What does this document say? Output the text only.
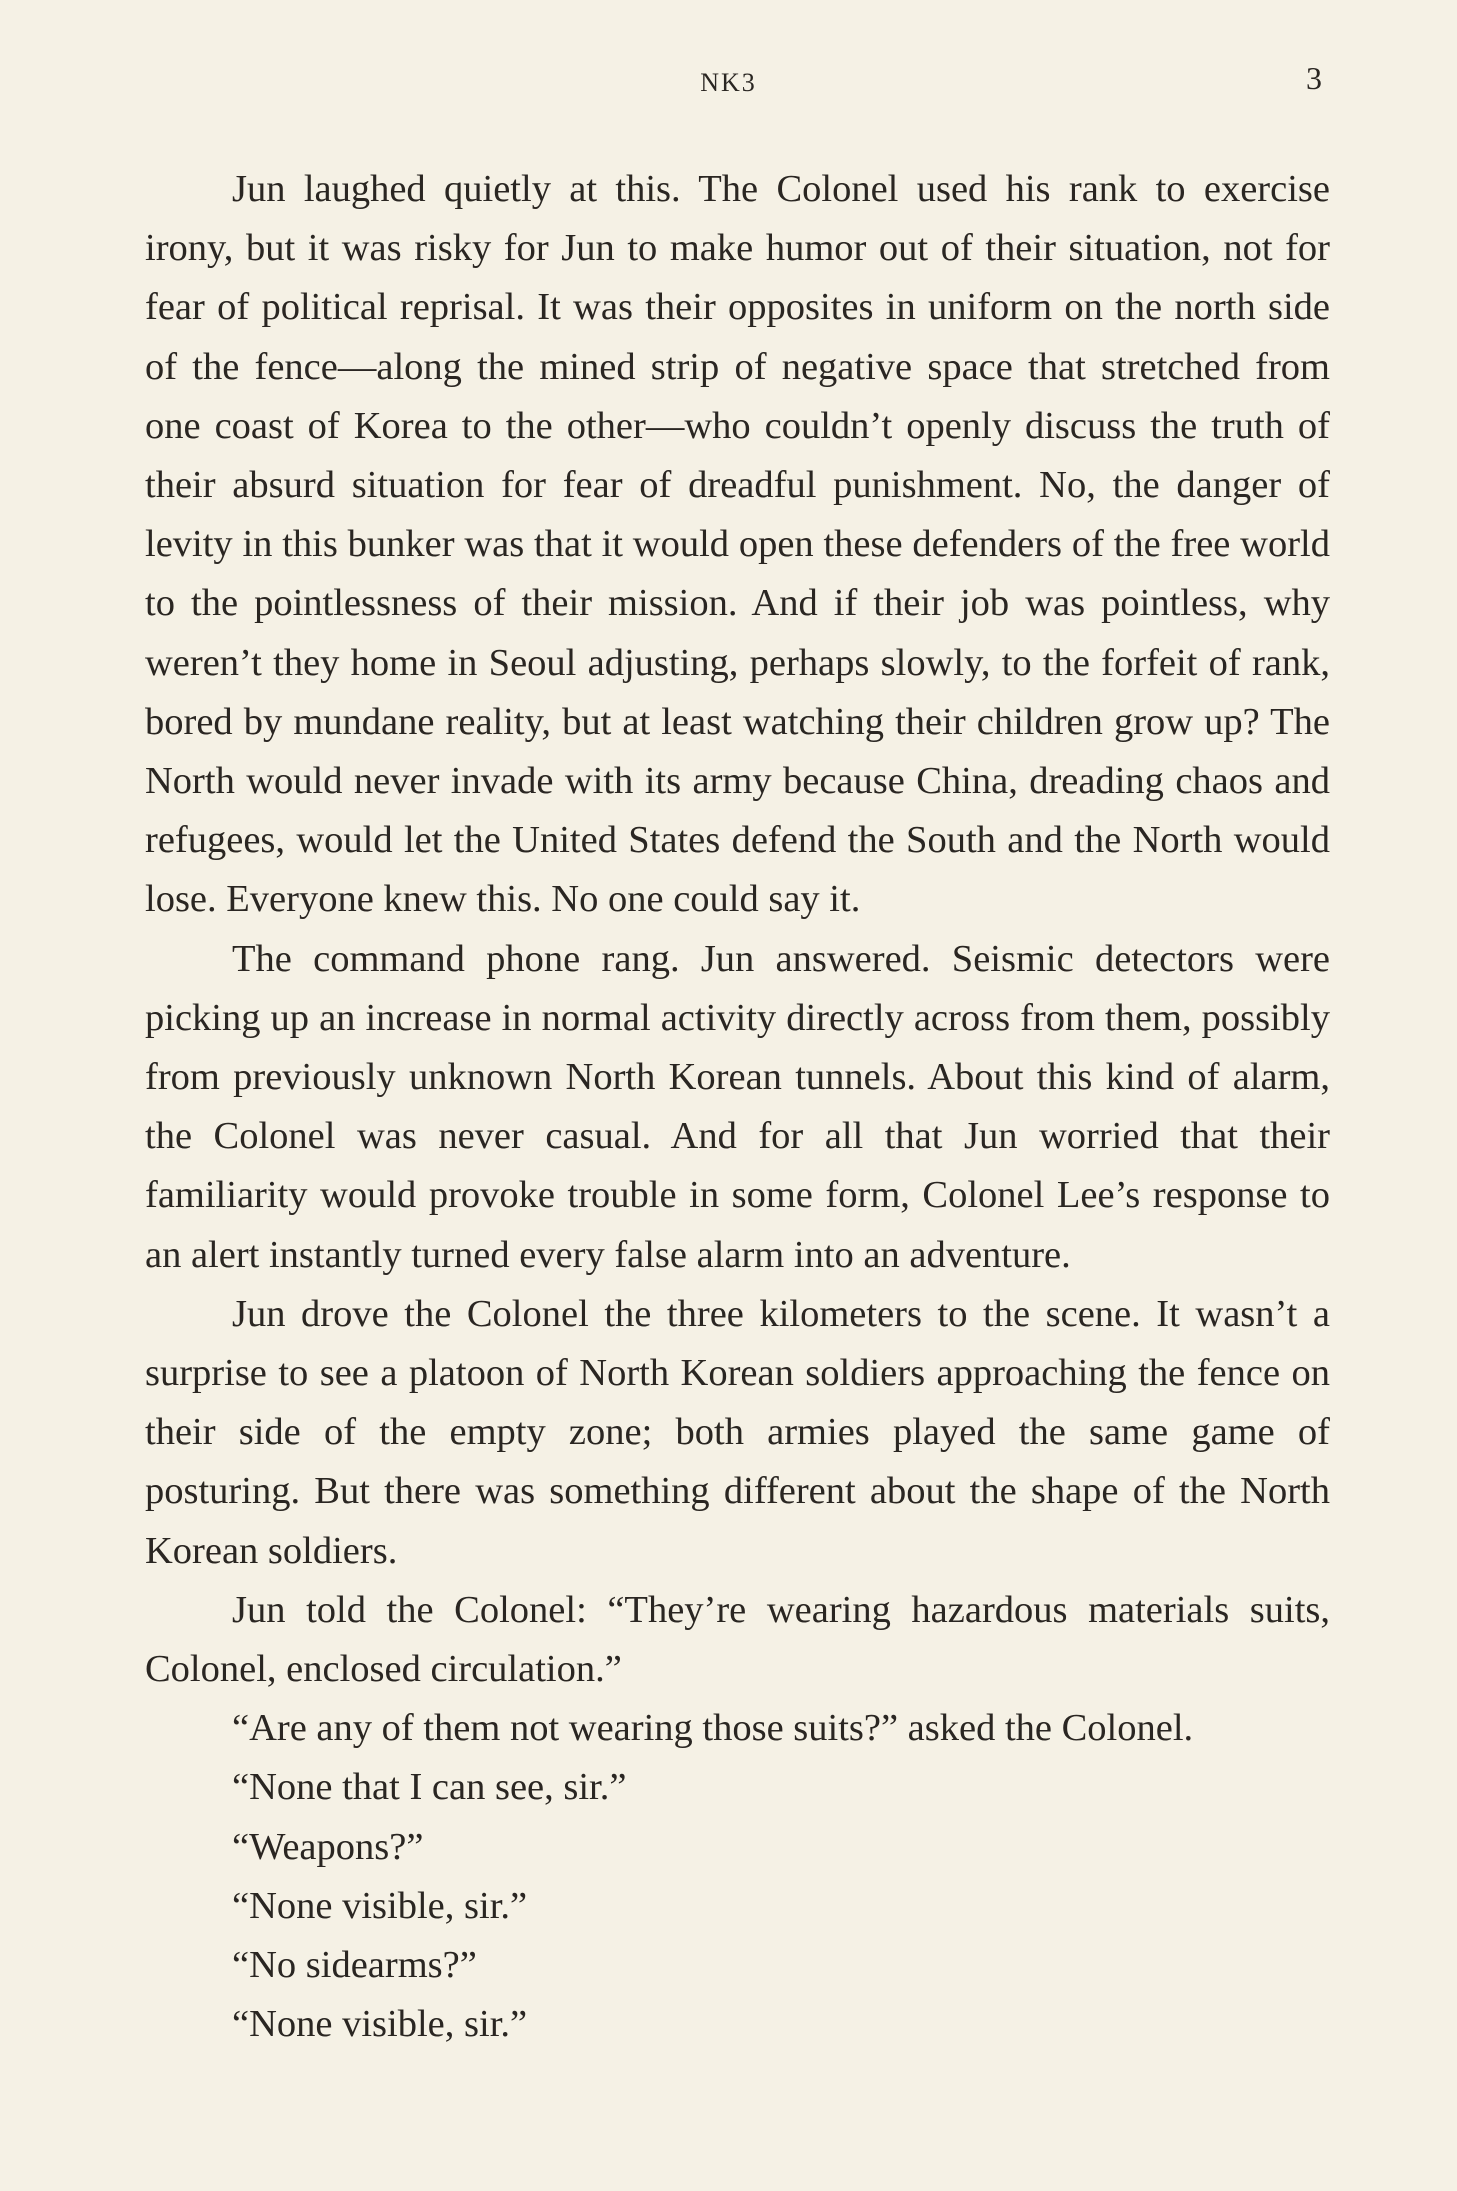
NK3	3

Jun laughed quietly at this. The Colonel used his rank to exercise irony, but it was risky for Jun to make humor out of their situation, not for fear of political reprisal. It was their opposites in uniform on the north side of the fence—along the mined strip of negative space that stretched from one coast of Korea to the other—who couldn’t openly discuss the truth of their absurd situation for fear of dreadful punishment. No, the danger of levity in this bunker was that it would open these defenders of the free world to the pointlessness of their mission. And if their job was pointless, why weren’t they home in Seoul adjusting, perhaps slowly, to the forfeit of rank, bored by mundane reality, but at least watching their children grow up? The North would never invade with its army because China, dreading chaos and refugees, would let the United States defend the South and the North would lose. Everyone knew this. No one could say it.

The command phone rang. Jun answered. Seismic detectors were picking up an increase in normal activity directly across from them, possibly from previously unknown North Korean tunnels. About this kind of alarm, the Colonel was never casual. And for all that Jun worried that their familiarity would provoke trouble in some form, Colonel Lee’s response to an alert instantly turned every false alarm into an adventure.

Jun drove the Colonel the three kilometers to the scene. It wasn’t a surprise to see a platoon of North Korean soldiers approaching the fence on their side of the empty zone; both armies played the same game of posturing. But there was something different about the shape of the North Korean soldiers.

Jun told the Colonel: “They’re wearing hazardous materials suits, Colonel, enclosed circulation.”

“Are any of them not wearing those suits?” asked the Colonel.

“None that I can see, sir.”

“Weapons?”

“None visible, sir.”

“No sidearms?”

“None visible, sir.”
